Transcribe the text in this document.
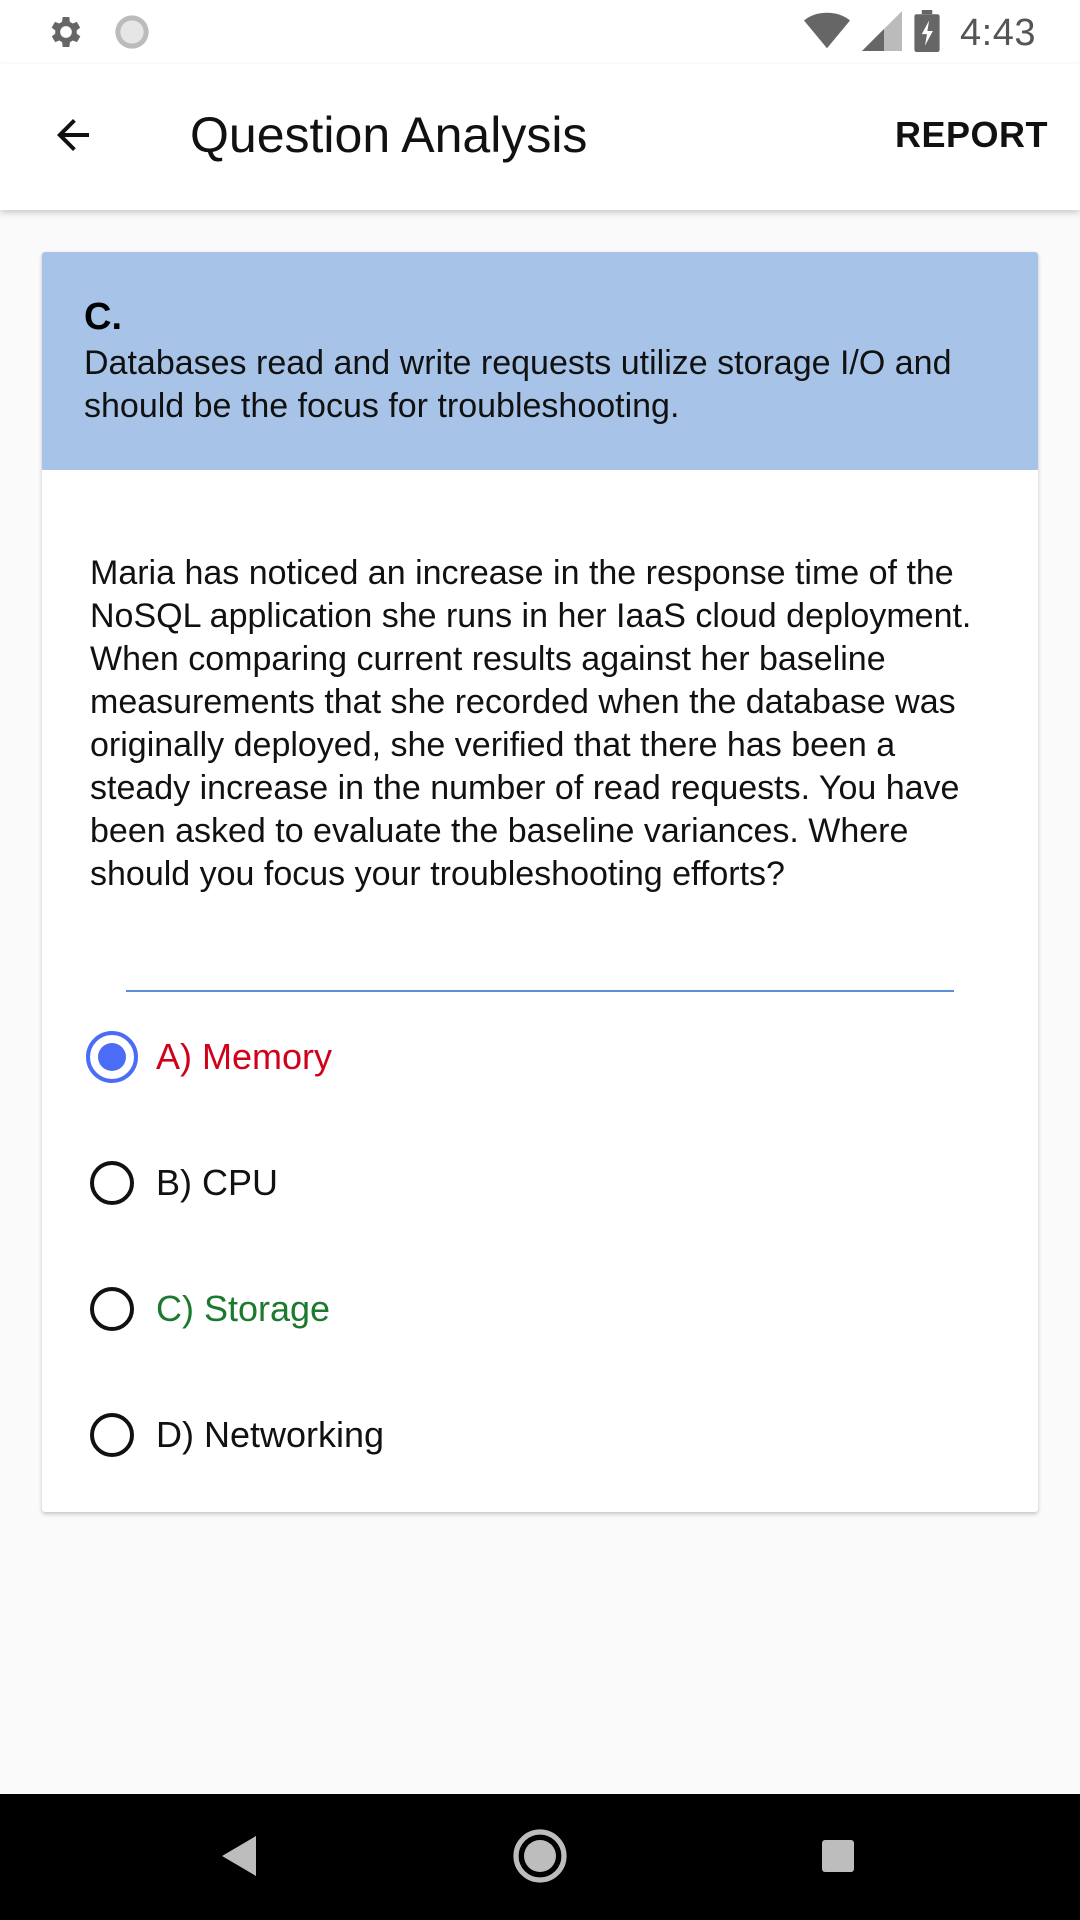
4:43
Question Analysis	REPORT
C.
Databases read and write requests utilize storage I/O and should be the focus for troubleshooting.
Maria has noticed an increase in the response time of the NoSQL application she runs in her IaaS cloud deployment. When comparing current results against her baseline measurements that she recorded when the database was originally deployed, she verified that there has been a steady increase in the number of read requests. You have been asked to evaluate the baseline variances. Where should you focus your troubleshooting efforts?
A) Memory
B) CPU
C) Storage
D) Networking
